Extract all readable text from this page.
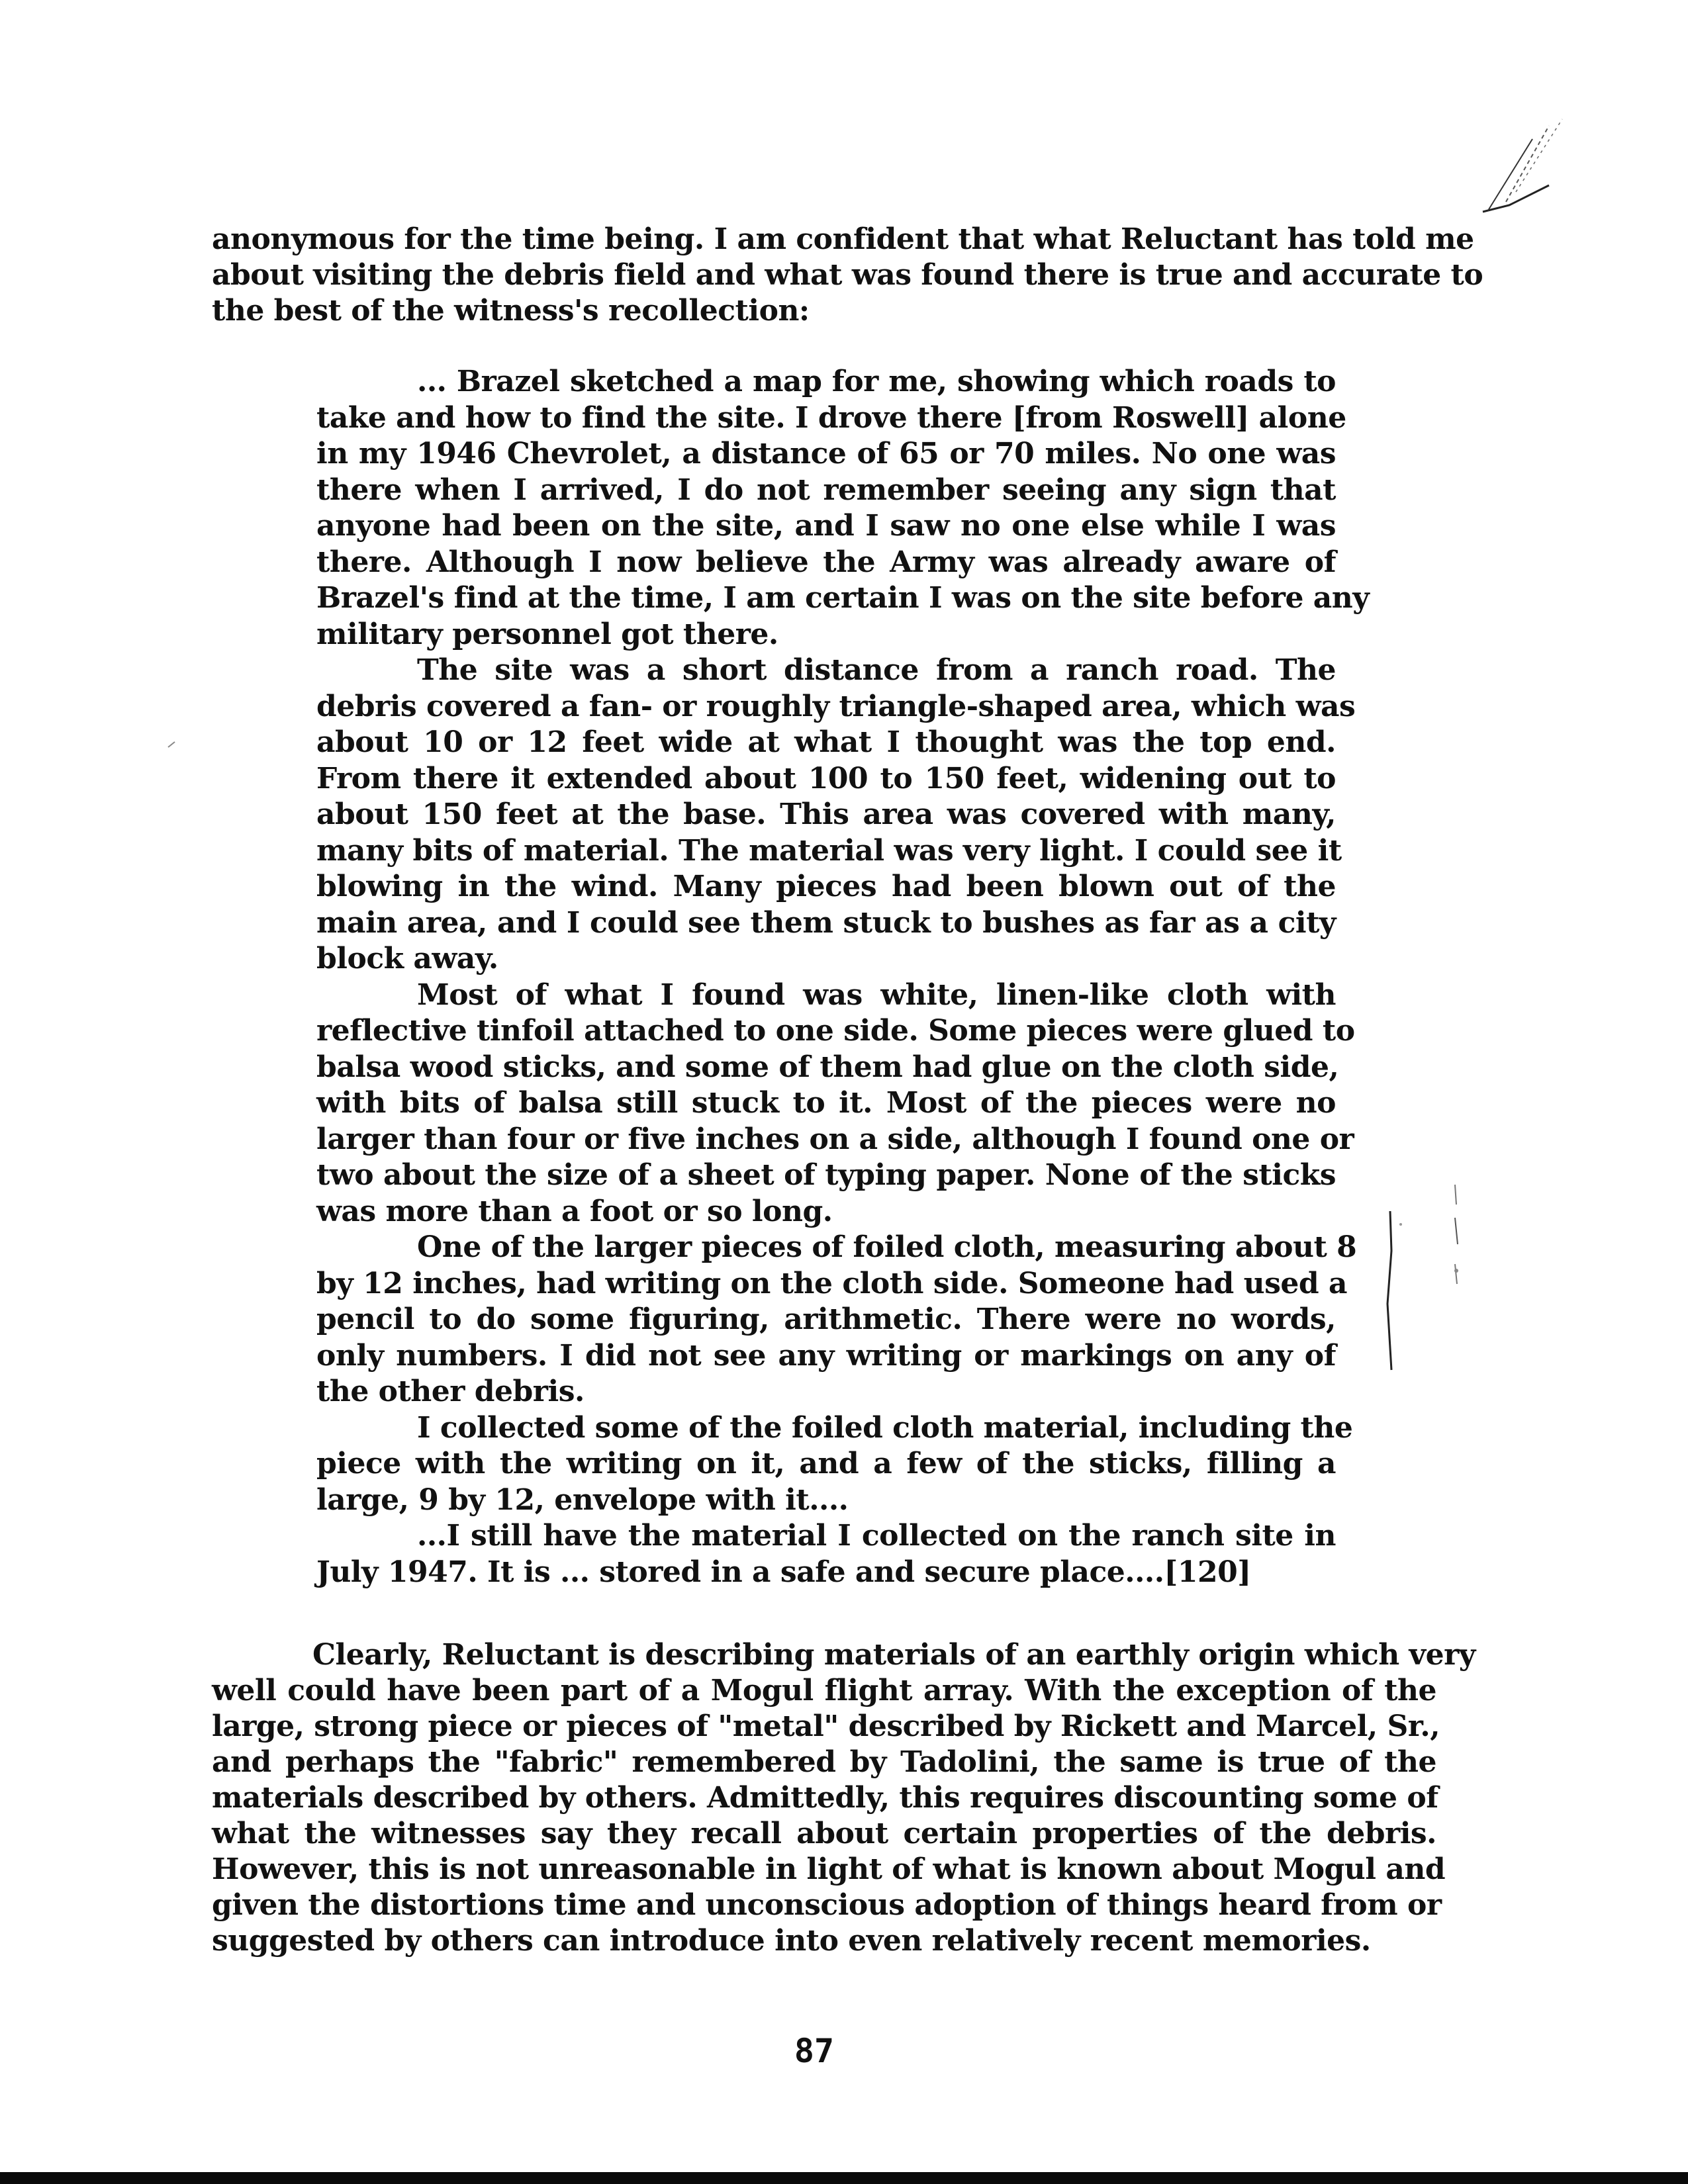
anonymous for the time being. I am confident that what Reluctant has told me
about visiting the debris field and what was found there is true and accurate to
the best of the witness's recollection:

... Brazel sketched a map for me, showing which roads to
take and how to find the site. I drove there [from Roswell] alone
in my 1946 Chevrolet, a distance of 65 or 70 miles. No one was
there when I arrived, I do not remember seeing any sign that
anyone had been on the site, and I saw no one else while I was
there. Although I now believe the Army was already aware of
Brazel's find at the time, I am certain I was on the site before any
military personnel got there.
The site was a short distance from a ranch road. The
debris covered a fan- or roughly triangle-shaped area, which was
about 10 or 12 feet wide at what I thought was the top end.
From there it extended about 100 to 150 feet, widening out to
about 150 feet at the base. This area was covered with many,
many bits of material. The material was very light. I could see it
blowing in the wind. Many pieces had been blown out of the
main area, and I could see them stuck to bushes as far as a city
block away.
Most of what I found was white, linen-like cloth with
reflective tinfoil attached to one side. Some pieces were glued to
balsa wood sticks, and some of them had glue on the cloth side,
with bits of balsa still stuck to it. Most of the pieces were no
larger than four or five inches on a side, although I found one or
two about the size of a sheet of typing paper. None of the sticks
was more than a foot or so long.
One of the larger pieces of foiled cloth, measuring about 8
by 12 inches, had writing on the cloth side. Someone had used a
pencil to do some figuring, arithmetic. There were no words,
only numbers. I did not see any writing or markings on any of
the other debris.
I collected some of the foiled cloth material, including the
piece with the writing on it, and a few of the sticks, filling a
large, 9 by 12, envelope with it....
...I still have the material I collected on the ranch site in
July 1947. It is ... stored in a safe and secure place....[120]

Clearly, Reluctant is describing materials of an earthly origin which very
well could have been part of a Mogul flight array. With the exception of the
large, strong piece or pieces of "metal" described by Rickett and Marcel, Sr.,
and perhaps the "fabric" remembered by Tadolini, the same is true of the
materials described by others. Admittedly, this requires discounting some of
what the witnesses say they recall about certain properties of the debris.
However, this is not unreasonable in light of what is known about Mogul and
given the distortions time and unconscious adoption of things heard from or
suggested by others can introduce into even relatively recent memories.

87
